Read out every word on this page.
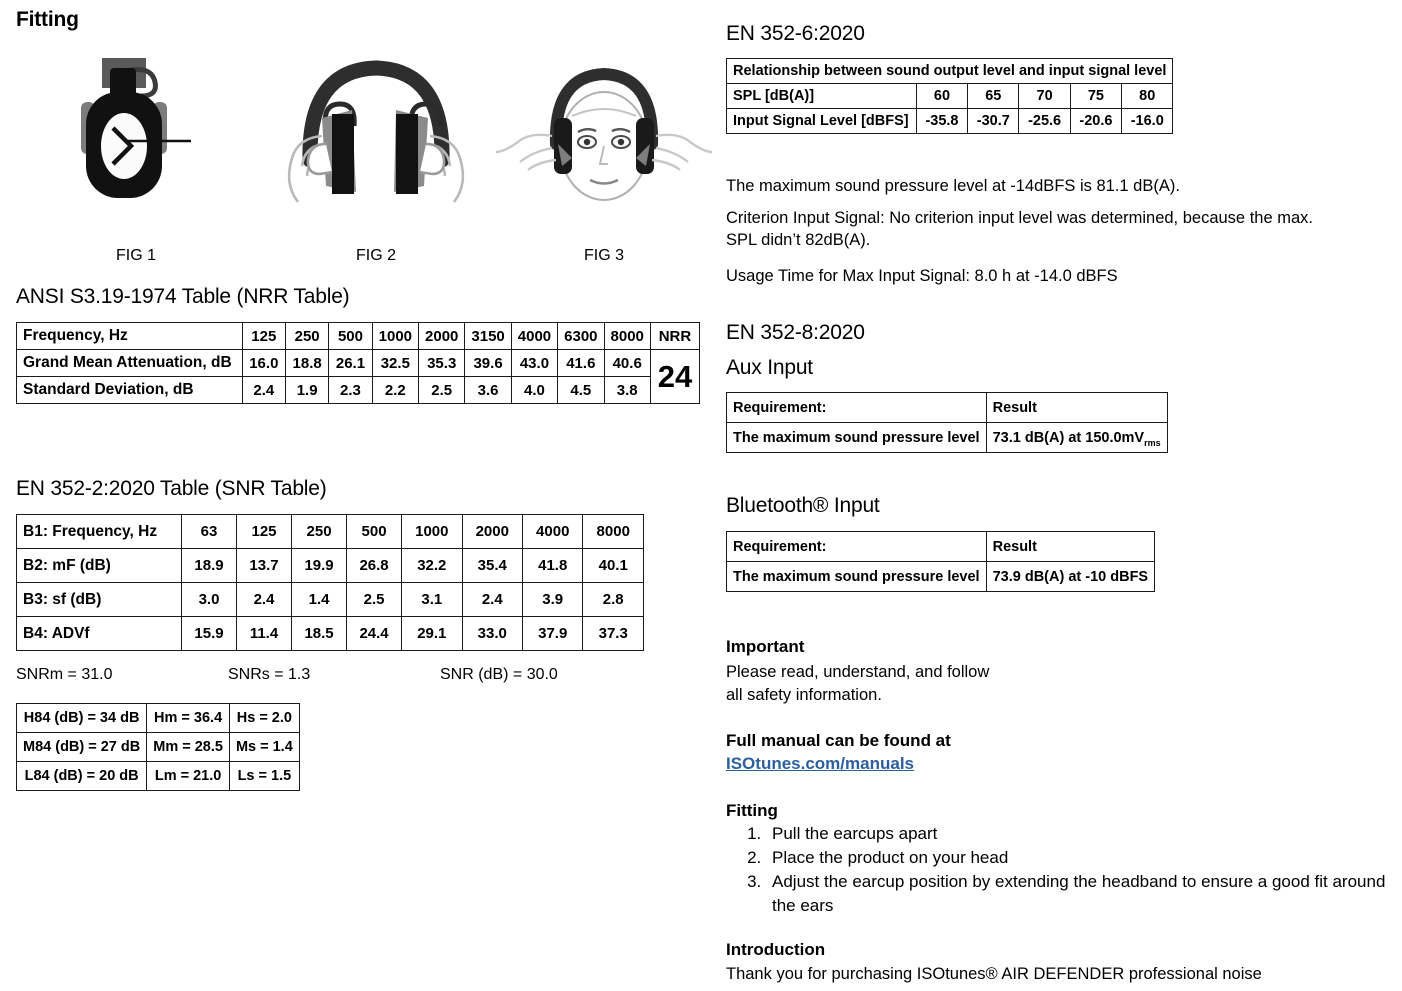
Fitting
FIG 1	FIG 2	FIG 3
ANSI S3.19-1974 Table (NRR Table)
Frequency, Hz	125	250	500	1000	2000	3150	4000	6300	8000	NRR
Grand Mean Attenuation, dB	16.0	18.8	26.1	32.5	35.3	39.6	43.0	41.6	40.6	24
Standard Deviation, dB	2.4	1.9	2.3	2.2	2.5	3.6	4.0	4.5	3.8	
EN 352-2:2020 Table (SNR Table)
B1: Frequency, Hz	63	125	250	500	1000	2000	4000	8000
B2: mF (dB)	18.9	13.7	19.9	26.8	32.2	35.4	41.8	40.1
B3: sf (dB)	3.0	2.4	1.4	2.5	3.1	2.4	3.9	2.8
B4: ADVf	15.9	11.4	18.5	24.4	29.1	33.0	37.9	37.3
SNRm = 31.0	SNRs = 1.3	SNR (dB) = 30.0
H84 (dB) = 34 dB	Hm = 36.4	Hs = 2.0
M84 (dB) = 27 dB	Mm = 28.5	Ms = 1.4
L84 (dB) = 20 dB	Lm = 21.0	Ls = 1.5
EN 352-6:2020
Relationship between sound output level and input signal level					
SPL [dB(A)]	60	65	70	75	80
Input Signal Level [dBFS]	-35.8	-30.7	-25.6	-20.6	-16.0

The maximum sound pressure level at -14dBFS is 81.1 dB(A).

Criterion Input Signal: No criterion input level was determined, because the max. SPL didn’t 82dB(A).

Usage Time for Max Input Signal: 8.0 h at -14.0 dBFS

EN 352-8:2020
Aux Input
Requirement:	Result
The maximum sound pressure level	73.1 dB(A) at $150.0mV_{rms}$
Bluetooth® Input
Requirement:	Result
The maximum sound pressure level	73.9 dB(A) at -10 dBFS
Important

Please read, understand, and follow

all safety information.

Full manual can be found at
ISOtunes.com/manuals
Fitting
1. Pull the earcups apart
2. Place the product on your head
3. Adjust the earcup position by extending the headband to ensure a good fit around the ears
Introduction

Thank you for purchasing ISOtunes® AIR DEFENDER professional noise
